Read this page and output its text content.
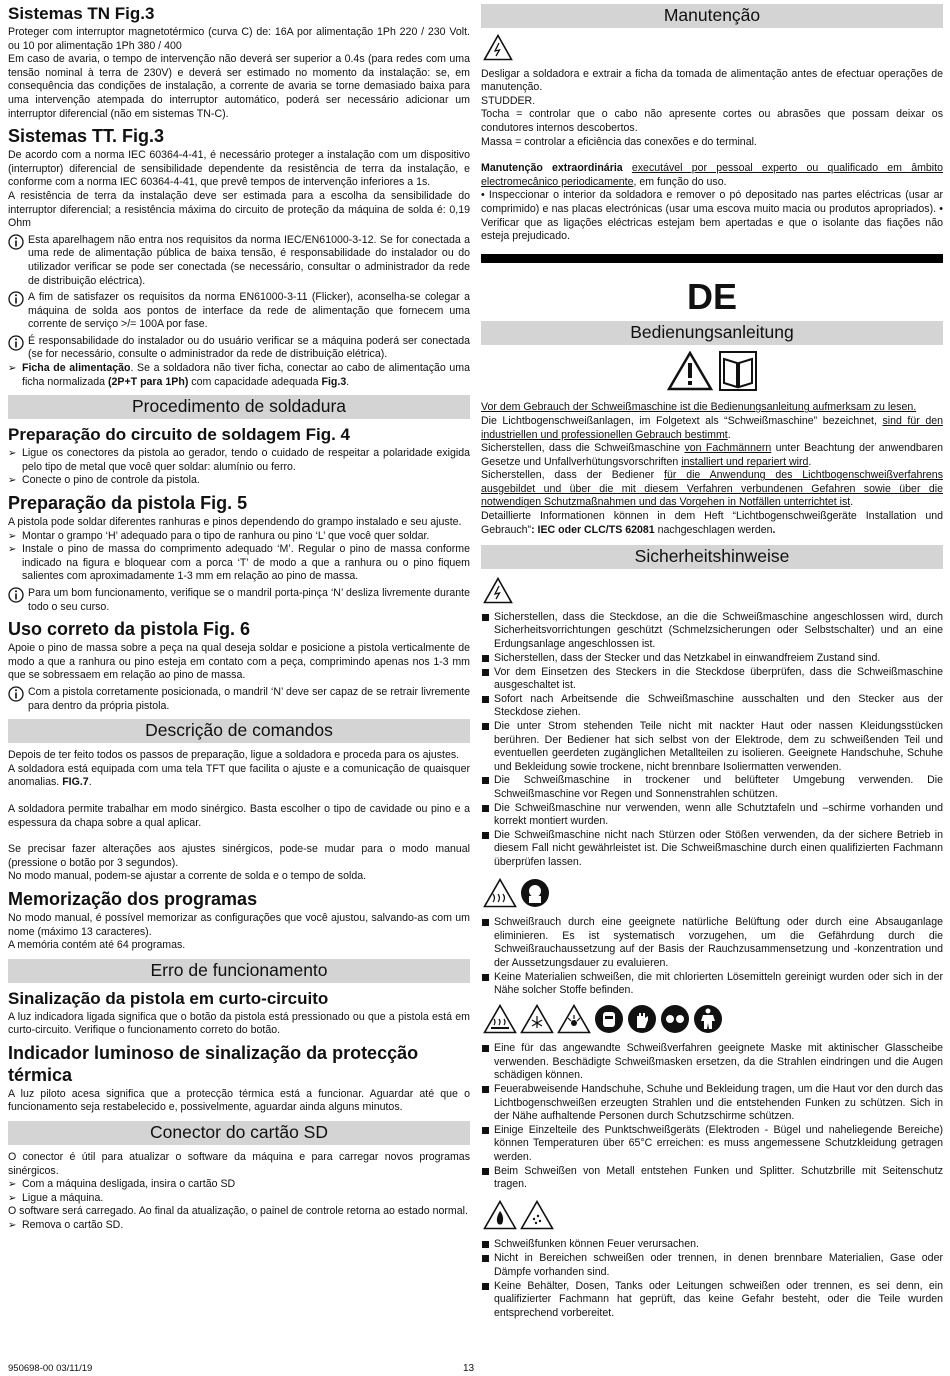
Sistemas TN Fig.3

Proteger com interruptor magnetotérmico (curva C) de: 16A por alimentação 1Ph 220 / 230 Volt. ou 10 por alimentação 1Ph 380 / 400

Em caso de avaria, o tempo de intervenção não deverá ser superior a 0.4s (para redes com uma tensão nominal à terra de 230V) e deverá ser estimado no momento da instalação: se, em consequência das condições de instalação, a corrente de avaria se torne demasiado baixa para uma intervenção atempada do interruptor automático, poderá ser necessário adicionar um interruptor diferencial (não em sistemas TN-C).

Sistemas TT. Fig.3

De acordo com a norma IEC 60364-4-41, é necessário proteger a instalação com um dispositivo (interruptor) diferencial de sensibilidade dependente da resistência de terra da instalação, e conforme com a norma IEC 60364-4-41, que prevê tempos de intervenção inferiores a 1s.

A resistência de terra da instalação deve ser estimada para a escolha da sensibilidade do interruptor diferencial; a resistência máxima do circuito de proteção da máquina de solda é: 0,19 Ohm

Esta aparelhagem não entra nos requisitos da norma IEC/EN61000-3-12. Se for conectada a uma rede de alimentação pública de baixa tensão, é responsabilidade do instalador ou do utilizador verificar se pode ser conectada (se necessário, consultar o administrador da rede de distribuição eléctrica).

A fim de satisfazer os requisitos da norma EN61000-3-11 (Flicker), aconselha-se colegar a máquina de solda aos pontos de interface da rede de alimentação que fornecem uma corrente de serviço >/= 100A por fase.

É responsabilidade do instalador ou do usuário verificar se a máquina poderá ser conectada (se for necessário, consulte o administrador da rede de distribuição elétrica).

➢ Ficha de alimentação. Se a soldadora não tiver ficha, conectar ao cabo de alimentação uma ficha normalizada (2P+T para 1Ph) com capacidade adequada Fig.3.

Procedimento de soldadura
Preparação do circuito de soldagem Fig. 4
➢ Ligue os conectores da pistola ao gerador, tendo o cuidado de respeitar a polaridade exigida pelo tipo de metal que você quer soldar: alumínio ou ferro.

➢ Conecte o pino de controle da pistola.

Preparação da pistola Fig. 5

A pistola pode soldar diferentes ranhuras e pinos dependendo do grampo instalado e seu ajuste.

➢ Montar o grampo ‘H’ adequado para o tipo de ranhura ou pino ‘L’ que você quer soldar.

➢ Instale o pino de massa do comprimento adequado ‘M’. Regular o pino de massa conforme indicado na figura e bloquear com a porca ‘T’ de modo a que a ranhura ou o pino fiquem salientes com aproximadamente 1-3 mm em relação ao pino de massa.

Para um bom funcionamento, verifique se o mandril porta-pinça ‘N’ desliza livremente durante todo o seu curso.

Uso correto da pistola Fig. 6

Apoie o pino de massa sobre a peça na qual deseja soldar e posicione a pistola verticalmente de modo a que a ranhura ou pino esteja em contato com a peça, comprimindo apenas nos 1-3 mm que se sobressaem em relação ao pino de massa.

Com a pistola corretamente posicionada, o mandril ‘N’ deve ser capaz de se retrair livremente para dentro da própria pistola.

Descrição de comandos

Depois de ter feito todos os passos de preparação, ligue a soldadora e proceda para os ajustes.

A soldadora está equipada com uma tela TFT que facilita o ajuste e a comunicação de quaisquer anomalias. FIG.7.

A soldadora permite trabalhar em modo sinérgico. Basta escolher o tipo de cavidade ou pino e a espessura da chapa sobre a qual aplicar.

Se precisar fazer alterações aos ajustes sinérgicos, pode-se mudar para o modo manual (pressione o botão por 3 segundos).

No modo manual, podem-se ajustar a corrente de solda e o tempo de solda.

Memorização dos programas

No modo manual, é possível memorizar as configurações que você ajustou, salvando-as com um nome (máximo 13 caracteres).

A memória contém até 64 programas.

Erro de funcionamento
Sinalização da pistola em curto-circuito

A luz indicadora ligada significa que o botão da pistola está pressionado ou que a pistola está em curto-circuito. Verifique o funcionamento correto do botão.

Indicador luminoso de sinalização da protecção térmica

A luz piloto acesa significa que a protecção térmica está a funcionar. Aguardar até que o funcionamento seja restabelecido e, possivelmente, aguardar ainda alguns minutos.

Conector do cartão SD

O conector é útil para atualizar o software da máquina e para carregar novos programas sinérgicos.

➢ Com a máquina desligada, insira o cartão SD

➢ Ligue a máquina.

O software será carregado. Ao final da atualização, o painel de controle retorna ao estado normal.

➢ Remova o cartão SD.

Manutenção

Desligar a soldadora e extrair a ficha da tomada de alimentação antes de efectuar operações de manutenção.

STUDDER.

Tocha = controlar que o cabo não apresente cortes ou abrasões que possam deixar os condutores internos descobertos.

Massa = controlar a eficiência das conexões e do terminal.

Manutenção extraordinária executável por pessoal experto ou qualificado em âmbito electromecânico periodicamente, em função do uso.

• Inspeccionar o interior da soldadora e remover o pó depositado nas partes eléctricas (usar ar comprimido) e nas placas electrónicas (usar uma escova muito macia ou produtos apropriados). • Verificar que as ligações eléctricas estejam bem apertadas e que o isolante das fiações não esteja prejudicado.

DE
Bedienungsanleitung

Vor dem Gebrauch der Schweißmaschine ist die Bedienungsanleitung aufmerksam zu lesen.

Die Lichtbogenschweißanlagen, im Folgetext als “Schweißmaschine” bezeichnet, sind für den industriellen und professionellen Gebrauch bestimmt.

Sicherstellen, dass die Schweißmaschine von Fachmännern unter Beachtung der anwendbaren Gesetze und Unfallverhütungsvorschriften installiert und repariert wird.

Sicherstellen, dass der Bediener für die Anwendung des Lichtbogenschweißverfahrens ausgebildet und über die mit diesem Verfahren verbundenen Gefahren sowie über die notwendigen Schutzmaßnahmen und das Vorgehen in Notfällen unterrichtet ist.

Detaillierte Informationen können in dem Heft “Lichtbogenschweißgeräte Installation und Gebrauch”: IEC oder CLC/TS 62081 nachgeschlagen werden.

Sicherheitshinweise

Sicherstellen, dass die Steckdose, an die die Schweißmaschine angeschlossen wird, durch Sicherheitsvorrichtungen geschützt (Schmelzsicherungen oder Selbstschalter) und an eine Erdungsanlage angeschlossen ist.

Sicherstellen, dass der Stecker und das Netzkabel in einwandfreiem Zustand sind.

Vor dem Einsetzen des Steckers in die Steckdose überprüfen, dass die Schweißmaschine ausgeschaltet ist.

Sofort nach Arbeitsende die Schweißmaschine ausschalten und den Stecker aus der Steckdose ziehen.

Die unter Strom stehenden Teile nicht mit nackter Haut oder nassen Kleidungsstücken berühren. Der Bediener hat sich selbst von der Elektrode, dem zu schweißenden Teil und eventuellen geerdeten zugänglichen Metallteilen zu isolieren. Geeignete Handschuhe, Schuhe und Bekleidung sowie trockene, nicht brennbare Isoliermatten verwenden.

Die Schweißmaschine in trockener und belüfteter Umgebung verwenden. Die Schweißmaschine vor Regen und Sonnenstrahlen schützen.

Die Schweißmaschine nur verwenden, wenn alle Schutztafeln und –schirme vorhanden und korrekt montiert wurden.

Die Schweißmaschine nicht nach Stürzen oder Stößen verwenden, da der sichere Betrieb in diesem Fall nicht gewährleistet ist. Die Schweißmaschine durch einen qualifizierten Fachmann überprüfen lassen.

Schweißrauch durch eine geeignete natürliche Belüftung oder durch eine Absauganlage eliminieren. Es ist systematisch vorzugehen, um die Gefährdung durch die Schweißrauchaussetzung auf der Basis der Rauchzusammensetzung und -konzentration und der Aussetzungsdauer zu evaluieren.

Keine Materialien schweißen, die mit chlorierten Lösemitteln gereinigt wurden oder sich in der Nähe solcher Stoffe befinden.

Eine für das angewandte Schweißverfahren geeignete Maske mit aktinischer Glasscheibe verwenden. Beschädigte Schweißmasken ersetzen, da die Strahlen eindringen und die Augen schädigen können.

Feuerabweisende Handschuhe, Schuhe und Bekleidung tragen, um die Haut vor den durch das Lichtbogenschweißen erzeugten Strahlen und die entstehenden Funken zu schützen. Sich in der Nähe aufhaltende Personen durch Schutzschirme schützen.

Einige Einzelteile des Punktschweißgeräts (Elektroden - Bügel und naheliegende Bereiche) können Temperaturen über 65°C erreichen: es muss angemessene Schutzkleidung getragen werden.

Beim Schweißen von Metall entstehen Funken und Splitter. Schutzbrille mit Seitenschutz tragen.

Schweißfunken können Feuer verursachen.

Nicht in Bereichen schweißen oder trennen, in denen brennbare Materialien, Gase oder Dämpfe vorhanden sind.

Keine Behälter, Dosen, Tanks oder Leitungen schweißen oder trennen, es sei denn, ein qualifizierter Fachmann hat geprüft, das keine Gefahr besteht, oder die Teile wurden entsprechend vorbereitet.

950698-00 03/11/19	13
